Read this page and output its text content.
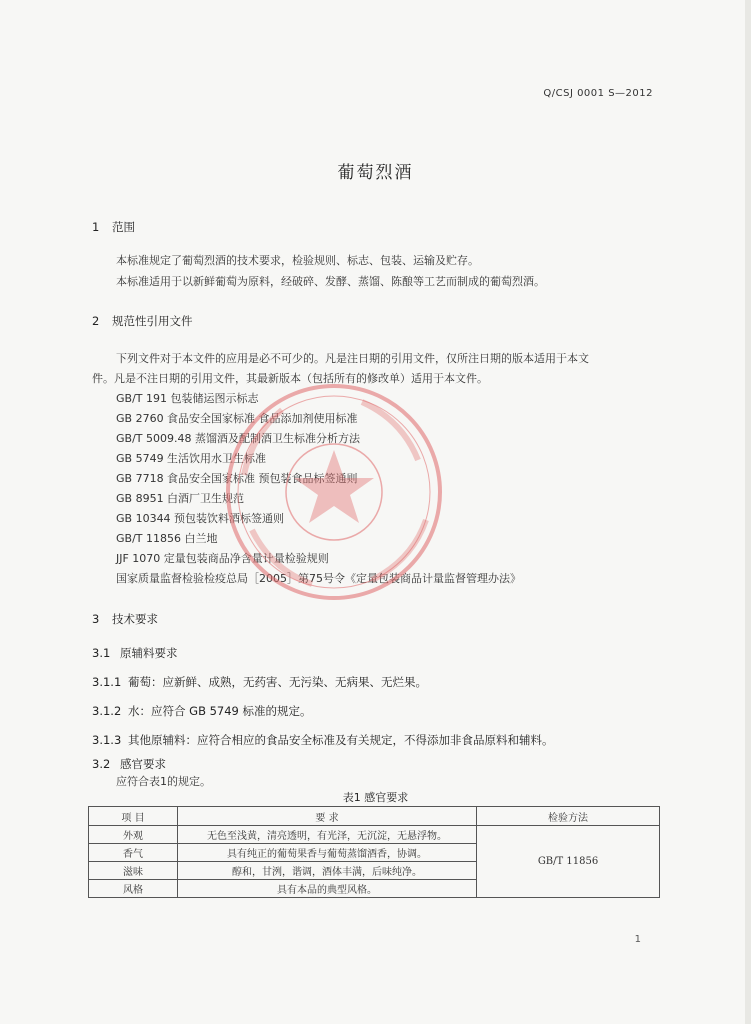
Q/CSJ 0001 S—2012
葡萄烈酒
1 范围
本标准规定了葡萄烈酒的技术要求，检验规则、标志、包装、运输及贮存。
本标准适用于以新鲜葡萄为原料，经破碎、发酵、蒸馏、陈酿等工艺而制成的葡萄烈酒。
2 规范性引用文件
下列文件对于本文件的应用是必不可少的。凡是注日期的引用文件，仅所注日期的版本适用于本文
件。凡是不注日期的引用文件，其最新版本（包括所有的修改单）适用于本文件。
GB/T 191 包装储运图示标志
GB 2760 食品安全国家标准 食品添加剂使用标准
GB/T 5009.48 蒸馏酒及配制酒卫生标准分析方法
GB 5749 生活饮用水卫生标准
GB 7718 食品安全国家标准 预包装食品标签通则
GB 8951 白酒厂卫生规范
GB 10344 预包装饮料酒标签通则
GB/T 11856 白兰地
JJF 1070 定量包装商品净含量计量检验规则
国家质量监督检验检疫总局［2005］第75号令《定量包装商品计量监督管理办法》
3 技术要求
3.1 原辅料要求
3.1.1 葡萄：应新鲜、成熟，无药害、无污染、无病果、无烂果。
3.1.2 水：应符合 GB 5749 标准的规定。
3.1.3 其他原辅料：应符合相应的食品安全标准及有关规定，不得添加非食品原料和辅料。
3.2 感官要求
应符合表1的规定。
表1 感官要求
项 目	要 求	检验方法
外观	无色至浅黄，清亮透明，有光泽，无沉淀，无悬浮物。	GB/T 11856
香气	具有纯正的葡萄果香与葡萄蒸馏酒香，协调。	
滋味	醇和，甘洌，谐调，酒体丰满，后味纯净。	
风格	具有本品的典型风格。	
1
